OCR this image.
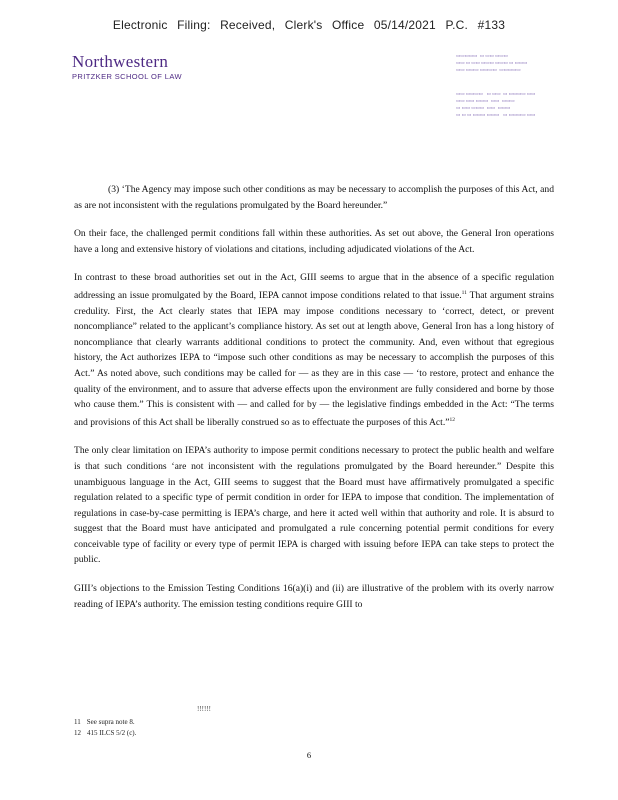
Electronic Filing: Received, Clerk's Office 05/14/2021 P.C. #133
Northwestern
PRITZKER SCHOOL OF LAW
▭▭▭▭▭  ▭ ▭▭ ▭▭▭
▭▭ ▭ ▭▭ ▭▭▭ ▭▭▭ ▭ ▭▭▭
▭▭ ▭▭▭ ▭▭▭▭  ▭▭▭▭▭
▭▭ ▭▭▭▭   ▭ ▭▭  ▭ ▭▭▭▭ ▭▭
▭▭ ▭▭ ▭▭▭  ▭▭  ▭▭▭
▭ ▭▭ ▭▭▭  ▭▭  ▭▭▭
▭ ▭ ▭ ▭▭▭ ▭▭▭   ▭ ▭▭▭▭ ▭▭

(3) ‘The Agency may impose such other conditions as may be necessary to accomplish the purposes of this Act, and as are not inconsistent with the regulations promulgated by the Board hereunder.”

On their face, the challenged permit conditions fall within these authorities. As set out above, the General Iron operations have a long and extensive history of violations and citations, including adjudicated violations of the Act.

In contrast to these broad authorities set out in the Act, GIII seems to argue that in the absence of a specific regulation addressing an issue promulgated by the Board, IEPA cannot impose conditions related to that issue.$^{11}$ That argument strains credulity. First, the Act clearly states that IEPA may impose conditions necessary to ‘correct, detect, or prevent noncompliance” related to the applicant’s compliance history. As set out at length above, General Iron has a long history of noncompliance that clearly warrants additional conditions to protect the community. And, even without that egregious history, the Act authorizes IEPA to “impose such other conditions as may be necessary to accomplish the purposes of this Act.” As noted above, such conditions may be called for — as they are in this case — ‘to restore, protect and enhance the quality of the environment, and to assure that adverse effects upon the environment are fully considered and borne by those who cause them.” This is consistent with — and called for by — the legislative findings embedded in the Act: “The terms and provisions of this Act shall be liberally construed so as to effectuate the purposes of this Act.”$^{12}$

The only clear limitation on IEPA’s authority to impose permit conditions necessary to protect the public health and welfare is that such conditions ‘are not inconsistent with the regulations promulgated by the Board hereunder.” Despite this unambiguous language in the Act, GIII seems to suggest that the Board must have affirmatively promulgated a specific regulation related to a specific type of permit condition in order for IEPA to impose that condition. The implementation of regulations in case-by-case permitting is IEPA’s charge, and here it acted well within that authority and role. It is absurd to suggest that the Board must have anticipated and promulgated a rule concerning potential permit conditions for every conceivable type of facility or every type of permit IEPA is charged with issuing before IEPA can take steps to protect the public.

GIII’s objections to the Emission Testing Conditions 16(a)(i) and (ii) are illustrative of the problem with its overly narrow reading of IEPA’s authority. The emission testing conditions require GIII to

!!!!!!
11 See supra note 8.
12 415 ILCS 5/2 (c).
6
